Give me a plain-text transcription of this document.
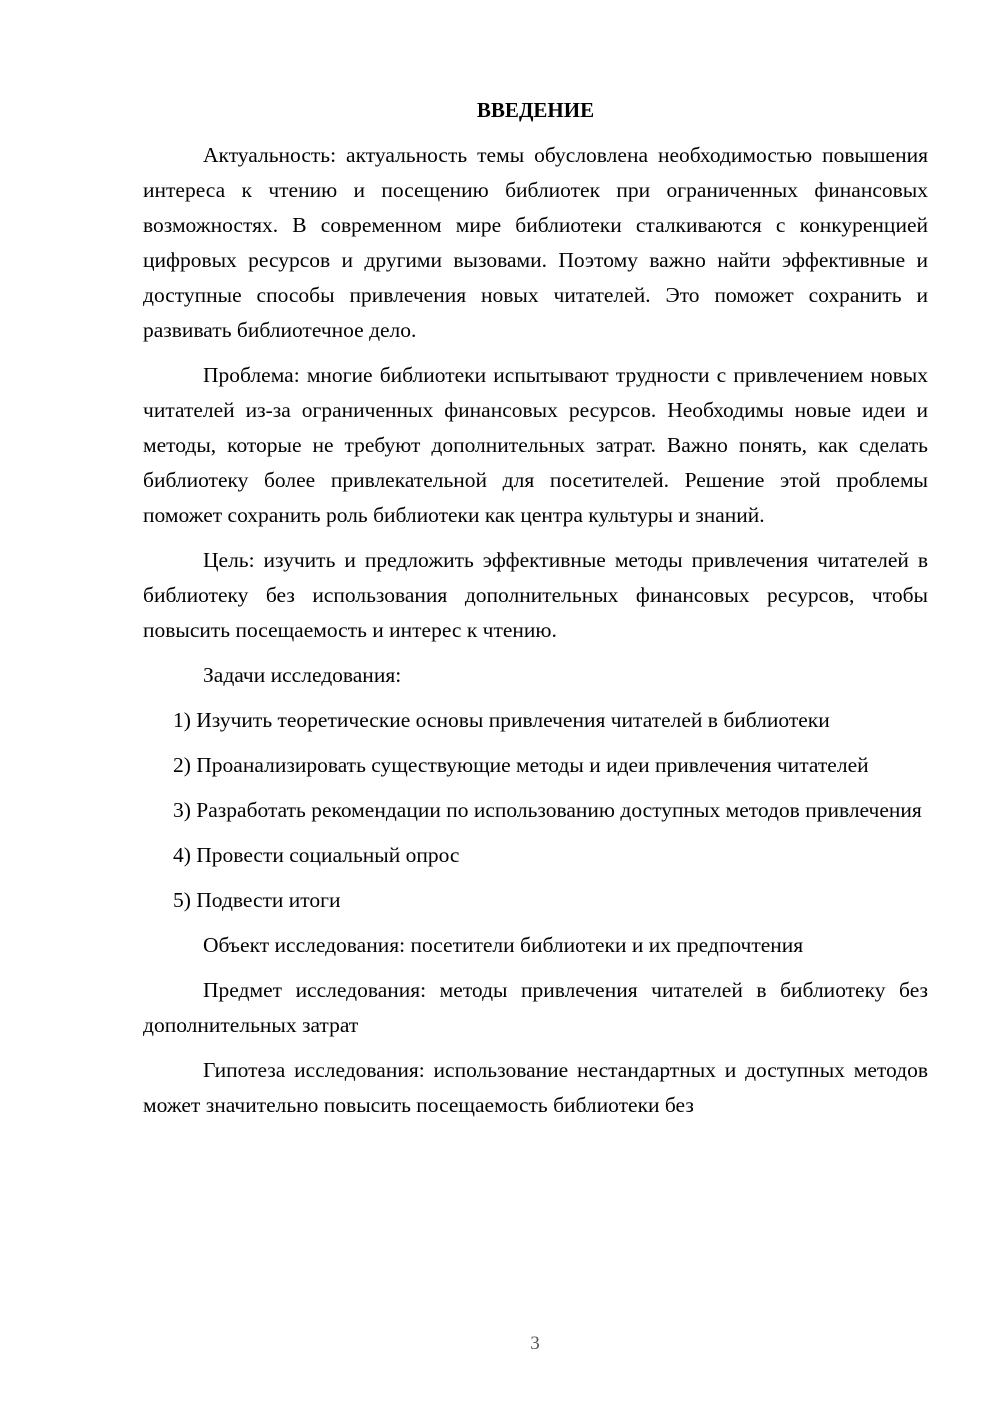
ВВЕДЕНИЕ

Актуальность: актуальность темы обусловлена необходимостью повышения интереса к чтению и посещению библиотек при ограниченных финансовых возможностях. В современном мире библиотеки сталкиваются с конкуренцией цифровых ресурсов и другими вызовами. Поэтому важно найти эффективные и доступные способы привлечения новых читателей. Это поможет сохранить и развивать библиотечное дело.

Проблема: многие библиотеки испытывают трудности с привлечением новых читателей из-за ограниченных финансовых ресурсов. Необходимы новые идеи и методы, которые не требуют дополнительных затрат. Важно понять, как сделать библиотеку более привлекательной для посетителей. Решение этой проблемы поможет сохранить роль библиотеки как центра культуры и знаний.

Цель: изучить и предложить эффективные методы привлечения читателей в библиотеку без использования дополнительных финансовых ресурсов, чтобы повысить посещаемость и интерес к чтению.

Задачи исследования:

1) Изучить теоретические основы привлечения читателей в библиотеки

2) Проанализировать существующие методы и идеи привлечения читателей

3) Разработать рекомендации по использованию доступных методов привлечения

4) Провести социальный опрос

5) Подвести итоги

Объект исследования: посетители библиотеки и их предпочтения

Предмет исследования: методы привлечения читателей в библиотеку без дополнительных затрат

Гипотеза исследования: использование нестандартных и доступных методов может значительно повысить посещаемость библиотеки без

3
